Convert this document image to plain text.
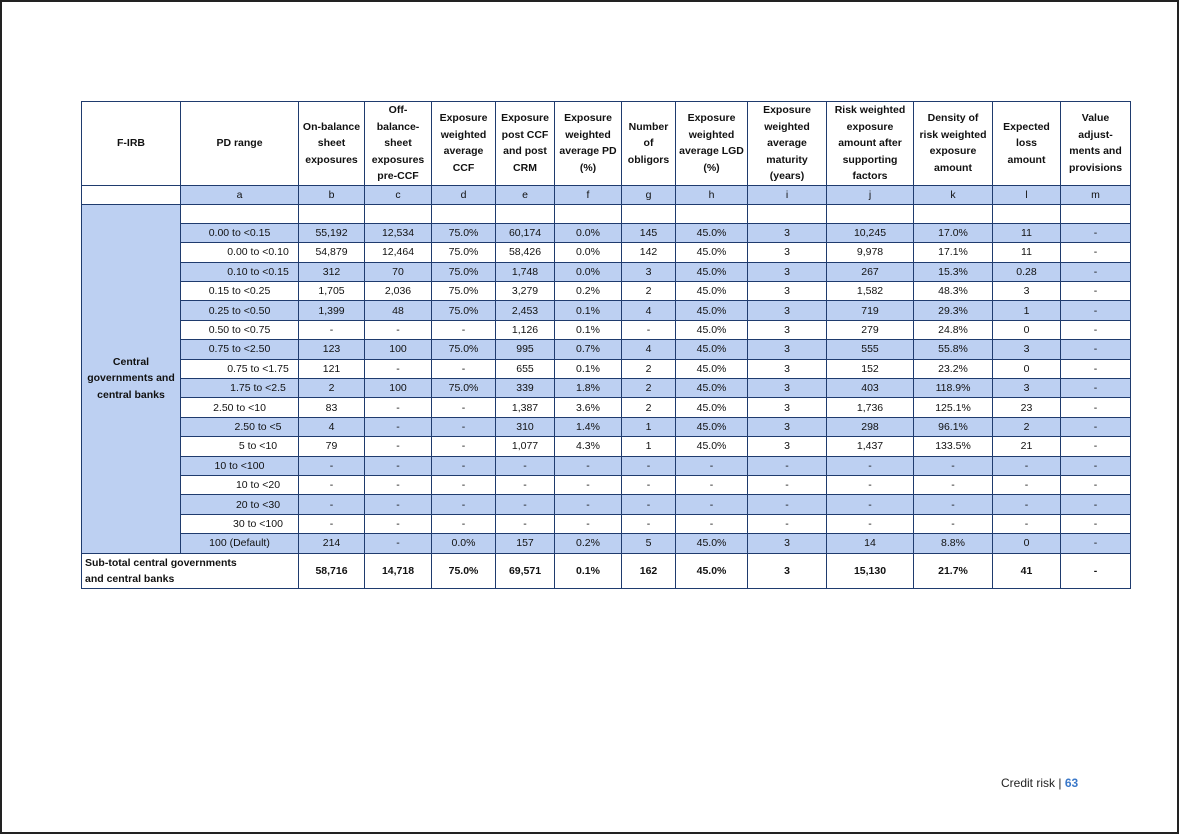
F-IRB	PD range	On-balance sheet exposures	Off-balance-sheet exposures pre-CCF	Exposure weighted average CCF	Exposure post CCF and post CRM	Exposure weighted average PD (%)	Number of obligors	Exposure weighted average LGD (%)	Exposure weighted average maturity (years)	Risk weighted exposure amount after supporting factors	Density of risk weighted exposure amount	Expected loss amount	Value adjust-ments and provisions
	a	b	c	d	e	f	g	h	i	j	k	l	m
Central governments and central banks													
	0.00 to <0.15	55,192	12,534	75.0%	60,174	0.0%	145	45.0%	3	10,245	17.0%	11	-
	0.00 to <0.10	54,879	12,464	75.0%	58,426	0.0%	142	45.0%	3	9,978	17.1%	11	-
	0.10 to <0.15	312	70	75.0%	1,748	0.0%	3	45.0%	3	267	15.3%	0.28	-
	0.15 to <0.25	1,705	2,036	75.0%	3,279	0.2%	2	45.0%	3	1,582	48.3%	3	-
	0.25 to <0.50	1,399	48	75.0%	2,453	0.1%	4	45.0%	3	719	29.3%	1	-
	0.50 to <0.75	-	-	-	1,126	0.1%	-	45.0%	3	279	24.8%	0	-
	0.75 to <2.50	123	100	75.0%	995	0.7%	4	45.0%	3	555	55.8%	3	-
	0.75 to <1.75	121	-	-	655	0.1%	2	45.0%	3	152	23.2%	0	-
	1.75 to <2.5	2	100	75.0%	339	1.8%	2	45.0%	3	403	118.9%	3	-
	2.50 to <10	83	-	-	1,387	3.6%	2	45.0%	3	1,736	125.1%	23	-
	2.50 to <5	4	-	-	310	1.4%	1	45.0%	3	298	96.1%	2	-
	5 to <10	79	-	-	1,077	4.3%	1	45.0%	3	1,437	133.5%	21	-
	10 to <100	-	-	-	-	-	-	-	-	-	-	-	-
	10 to <20	-	-	-	-	-	-	-	-	-	-	-	-
	20 to <30	-	-	-	-	-	-	-	-	-	-	-	-
	30 to <100	-	-	-	-	-	-	-	-	-	-	-	-
	100 (Default)	214	-	0.0%	157	0.2%	5	45.0%	3	14	8.8%	0	-
Sub-total central governments
and central banks		58,716	14,718	75.0%	69,571	0.1%	162	45.0%	3	15,130	21.7%	41	-
Credit risk | 63
